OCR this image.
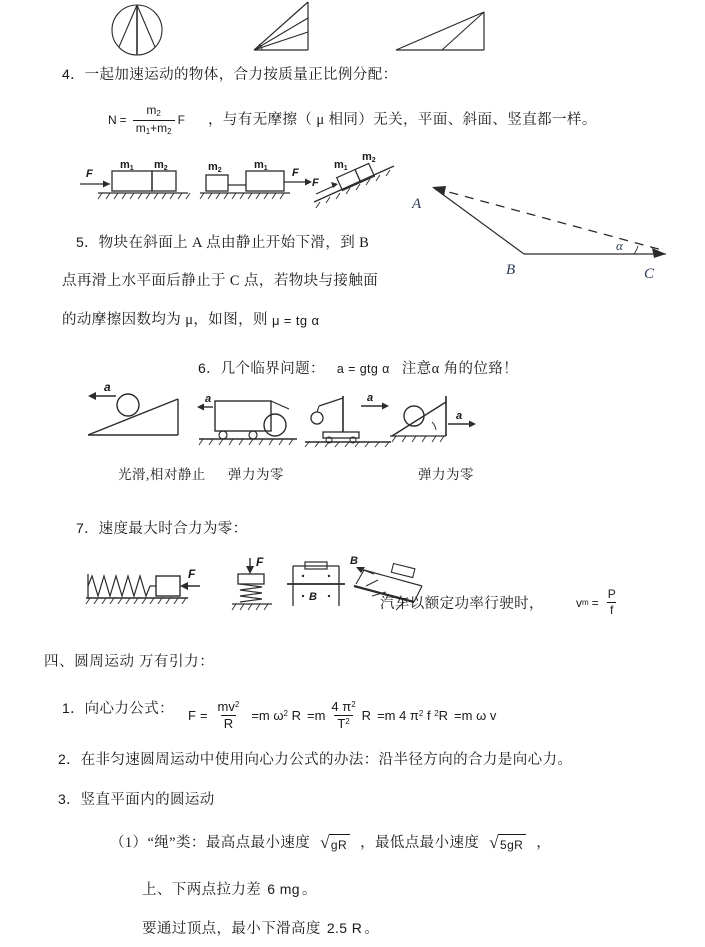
4．一起加速运动的物体，合力按质量正比例分配：
$N = \frac{m_2}{m_1+m_2}$ F ，与有无摩擦（ μ 相同）无关，平面、斜面、竖直都一样。
F
m1 m2	m2	m1 F
F
m1
m2
5．物块在斜面上 A 点由静止开始下滑，到 B
点再滑上水平面后静止于 C 点，若物块与接触面
的动摩擦因数均为 μ，如图，则 μ = tg α
A
B	C
α
6．几个临界问题： a = gtg α 注意α 角的位臵！
a
a	a
a
光滑,相对静止 弹力为零	弹力为零
7．速度最大时合力为零：
F
F
B
B
汽车以额定功率行驶时，	v $m = \frac{P}{f}$
四、圆周运动 万有引力：
1．向心力公式： $F = \frac{mv^2}{R} =m$ $\omega^2$ $R =m \frac{4 \pi^2}{T^2}$ R =m 4 $\pi^2$ f $^2$R =m ω v
2．在非匀速圆周运动中使用向心力公式的办法：沿半径方向的合力是向心力。
3．竖直平面内的圆运动
（1）“绳”类：最高点最小速度 √ gR ，最低点最小速度 √ 5gR ，
上、下两点拉力差 6 mg 。
要通过顶点，最小下滑高度 2.5 R 。
